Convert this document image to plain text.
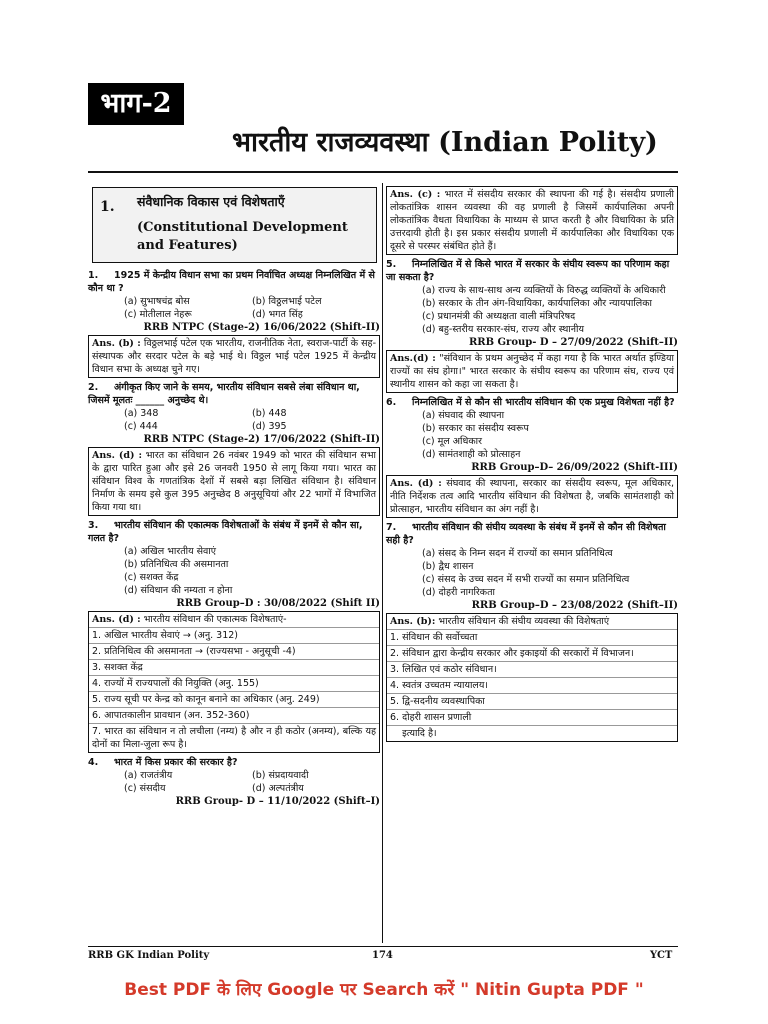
भाग-2
भारतीय राजव्यवस्था (Indian Polity)
1. संवैधानिक विकास एवं विशेषताएँ
(Constitutional Development and Features)
1. 1925 में केन्द्रीय विधान सभा का प्रथम निर्वाचित अध्यक्ष निम्नलिखित में से कौन था ?
(a) सुभाषचंद्र बोस	(b) विठ्ठलभाई पटेल
(c) मोतीलाल नेहरू	(d) भगत सिंह
RRB NTPC (Stage-2) 16/06/2022 (Shift-II)
Ans. (b) : विठ्ठलभाई पटेल एक भारतीय, राजनीतिक नेता, स्वराज-पार्टी के सह-संस्थापक और सरदार पटेल के बड़े भाई थे। विठ्ठल भाई पटेल 1925 में केन्द्रीय विधान सभा के अध्यक्ष चुने गए।
2. अंगीकृत किए जाने के समय, भारतीय संविधान सबसे लंबा संविधान था, जिसमें मूलतः ______ अनुच्छेद थे।
(a) 348	(b) 448
(c) 444	(d) 395
RRB NTPC (Stage-2) 17/06/2022 (Shift-II)
Ans. (d) : भारत का संविधान 26 नवंबर 1949 को भारत की संविधान सभा के द्वारा पारित हुआ और इसे 26 जनवरी 1950 से लागू किया गया। भारत का संविधान विश्व के गणतांत्रिक देशों में सबसे बड़ा लिखित संविधान है। संविधान निर्माण के समय इसे कुल 395 अनुच्छेद 8 अनुसूचियां और 22 भागों में विभाजित किया गया था।
3. भारतीय संविधान की एकात्मक विशेषताओं के संबंध में इनमें से कौन सा, गलत है?
(a) अखिल भारतीय सेवाएं
(b) प्रतिनिधित्व की असमानता
(c) सशक्त केंद्र
(d) संविधान की नम्यता न होना
RRB Group–D : 30/08/2022 (Shift II)
Ans. (d) : भारतीय संविधान की एकात्मक विशेषताएं-
1. अखिल भारतीय सेवाएं → (अनु. 312)
2. प्रतिनिधित्व की असमानता → (राज्यसभा - अनुसूची -4)
3. सशक्त केंद्र
4. राज्यों में राज्यपालों की नियुक्ति (अनु. 155)
5. राज्य सूची पर केन्द्र को कानून बनाने का अधिकार (अनु. 249)
6. आपातकालीन प्रावधान (अन. 352-360)
7. भारत का संविधान न तो लचीला (नम्य) है और न ही कठोर (अनम्य), बल्कि यह दोनों का मिला-जुला रूप है।
4. भारत में किस प्रकार की सरकार है?
(a) राजतंत्रीय	(b) संप्रदायवादी
(c) संसदीय	(d) अल्पतंत्रीय
RRB Group- D – 11/10/2022 (Shift–I)
Ans. (c) : भारत में संसदीय सरकार की स्थापना की गई है। संसदीय प्रणाली लोकतांत्रिक शासन व्यवस्था की वह प्रणाली है जिसमें कार्यपालिका अपनी लोकतांत्रिक वैधता विधायिका के माध्यम से प्राप्त करती है और विधायिका के प्रति उत्तरदायी होती है। इस प्रकार संसदीय प्रणाली में कार्यपालिका और विधायिका एक दूसरे से परस्पर संबंधित होते हैं।
5. निम्नलिखित में से किसे भारत में सरकार के संघीय स्वरूप का परिणाम कहा जा सकता है?
(a) राज्य के साथ-साथ अन्य व्यक्तियों के विरुद्ध व्यक्तियों के अधिकारी
(b) सरकार के तीन अंग-विधायिका, कार्यपालिका और न्यायपालिका
(c) प्रधानमंत्री की अध्यक्षता वाली मंत्रिपरिषद
(d) बहु-स्तरीय सरकार-संघ, राज्य और स्थानीय
RRB Group- D – 27/09/2022 (Shift–II)
Ans.(d) : "संविधान के प्रथम अनुच्छेद में कहा गया है कि भारत अर्थात इण्डिया राज्यों का संघ होगा।" भारत सरकार के संघीय स्वरूप का परिणाम संघ, राज्य एवं स्थानीय शासन को कहा जा सकता है।
6. निम्नलिखित में से कौन सी भारतीय संविधान की एक प्रमुख विशेषता नहीं है?
(a) संघवाद की स्थापना
(b) सरकार का संसदीय स्वरूप
(c) मूल अधिकार
(d) सामंतशाही को प्रोत्साहन
RRB Group–D– 26/09/2022 (Shift-III)
Ans. (d) : संघवाद की स्थापना, सरकार का संसदीय स्वरूप, मूल अधिकार, नीति निर्देशक तत्व आदि भारतीय संविधान की विशेषता है, जबकि सामंतशाही को प्रोत्साहन, भारतीय संविधान का अंग नहीं है।
7. भारतीय संविधान की संघीय व्यवस्था के संबंध में इनमें से कौन सी विशेषता सही है?
(a) संसद के निम्न सदन में राज्यों का समान प्रतिनिधित्व
(b) द्वैध शासन
(c) संसद के उच्च सदन में सभी राज्यों का समान प्रतिनिधित्व
(d) दोहरी नागरिकता
RRB Group–D – 23/08/2022 (Shift–II)
Ans. (b): भारतीय संविधान की संघीय व्यवस्था की विशेषताएं
1. संविधान की सर्वोच्चता
2. संविधान द्वारा केन्द्रीय सरकार और इकाइयों की सरकारों में विभाजन।
3. लिखित एवं कठोर संविधान।
4. स्वतंत्र उच्चतम न्यायालय।
5. द्वि-सदनीय व्यवस्थापिका
6. दोहरी शासन प्रणाली
इत्यादि है।
RRB GK Indian Polity	174	YCT
Best PDF के लिए Google पर Search करें " Nitin Gupta PDF "
